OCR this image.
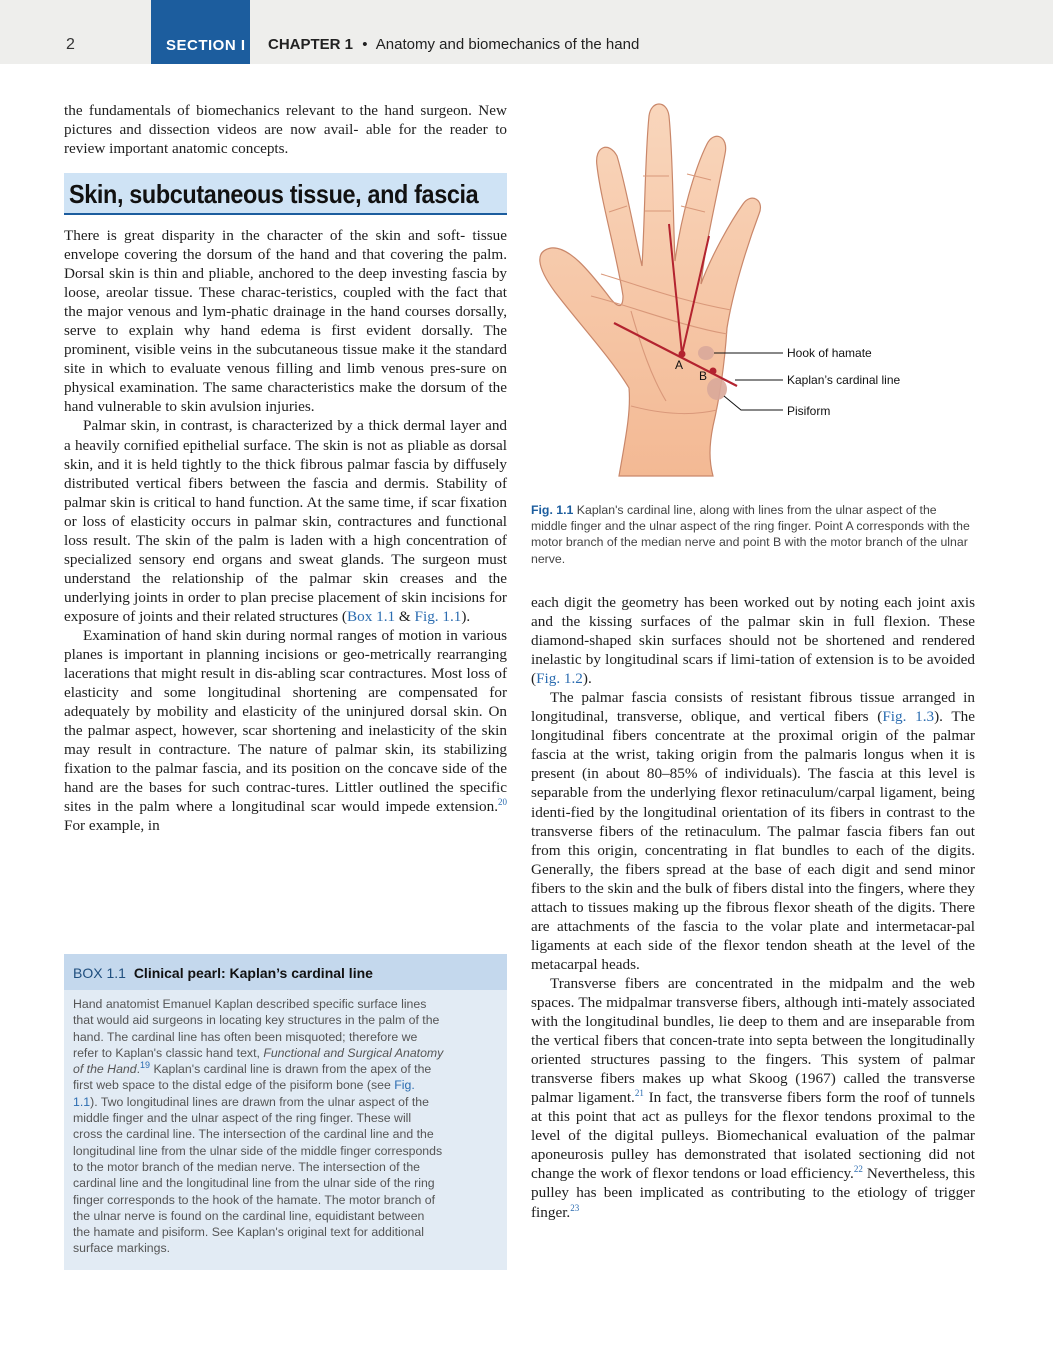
2	SECTION I CHAPTER 1 • Anatomy and biomechanics of the hand

the fundamentals of biomechanics relevant to the hand surgeon. New pictures and dissection videos are now avail- able for the reader to review important anatomic concepts.

Skin, subcutaneous tissue, and fascia

There is great disparity in the character of the skin and soft- tissue envelope covering the dorsum of the hand and that covering the palm. Dorsal skin is thin and pliable, anchored to the deep investing fascia by loose, areolar tissue. These charac-teristics, coupled with the fact that the major venous and lym-phatic drainage in the hand courses dorsally, serve to explain why hand edema is first evident dorsally. The prominent, visible veins in the subcutaneous tissue make it the standard site in which to evaluate venous filling and limb venous pres-sure on physical examination. The same characteristics make the dorsum of the hand vulnerable to skin avulsion injuries.

Palmar skin, in contrast, is characterized by a thick dermal layer and a heavily cornified epithelial surface. The skin is not as pliable as dorsal skin, and it is held tightly to the thick fibrous palmar fascia by diffusely distributed vertical fibers between the fascia and dermis. Stability of palmar skin is critical to hand function. At the same time, if scar fixation or loss of elasticity occurs in palmar skin, contractures and functional loss result. The skin of the palm is laden with a high concentration of specialized sensory end organs and sweat glands. The surgeon must understand the relationship of the palmar skin creases and the underlying joints in order to plan precise placement of skin incisions for exposure of joints and their related structures (Box 1.1 & Fig. 1.1).

Examination of hand skin during normal ranges of motion in various planes is important in planning incisions or geo-metrically rearranging lacerations that might result in dis-abling scar contractures. Most loss of elasticity and some longitudinal shortening are compensated for adequately by mobility and elasticity of the uninjured dorsal skin. On the palmar aspect, however, scar shortening and inelasticity of the skin may result in contracture. The nature of palmar skin, its stabilizing fixation to the palmar fascia, and its position on the concave side of the hand are the bases for such contrac-tures. Littler outlined the specific sites in the palm where a longitudinal scar would impede extension.$^{20}$ For example, in

BOX 1.1 Clinical pearl: Kaplan’s cardinal line
Hand anatomist Emanuel Kaplan described specific surface lines
that would aid surgeons in locating key structures in the palm of the
hand. The cardinal line has often been misquoted; therefore we
refer to Kaplan's classic hand text, Functional and Surgical Anatomy
of the Hand.$^{19}$ Kaplan's cardinal line is drawn from the apex of the
first web space to the distal edge of the pisiform bone (see Fig.
1.1). Two longitudinal lines are drawn from the ulnar aspect of the
middle finger and the ulnar aspect of the ring finger. These will
cross the cardinal line. The intersection of the cardinal line and the
longitudinal line from the ulnar side of the middle finger corresponds
to the motor branch of the median nerve. The intersection of the
cardinal line and the longitudinal line from the ulnar side of the ring
finger corresponds to the hook of the hamate. The motor branch of
the ulnar nerve is found on the cardinal line, equidistant between
the hamate and pisiform. See Kaplan's original text for additional
surface markings.
A
B
Hook of hamate
Kaplan’s cardinal line
Pisiform
Fig. 1.1 Kaplan's cardinal line, along with lines from the ulnar aspect of the
middle finger and the ulnar aspect of the ring finger. Point A corresponds with the
motor branch of the median nerve and point B with the motor branch of the ulnar
nerve.

each digit the geometry has been worked out by noting each joint axis and the kissing surfaces of the palmar skin in full flexion. These diamond-shaped skin surfaces should not be shortened and rendered inelastic by longitudinal scars if limi-tation of extension is to be avoided (Fig. 1.2).

The palmar fascia consists of resistant fibrous tissue arranged in longitudinal, transverse, oblique, and vertical fibers (Fig. 1.3). The longitudinal fibers concentrate at the proximal origin of the palmar fascia at the wrist, taking origin from the palmaris longus when it is present (in about 80–85% of individuals). The fascia at this level is separable from the underlying flexor retinaculum/carpal ligament, being identi-fied by the longitudinal orientation of its fibers in contrast to the transverse fibers of the retinaculum. The palmar fascia fibers fan out from this origin, concentrating in flat bundles to each of the digits. Generally, the fibers spread at the base of each digit and send minor fibers to the skin and the bulk of fibers distal into the fingers, where they attach to tissues making up the fibrous flexor sheath of the digits. There are attachments of the fascia to the volar plate and intermetacar-pal ligaments at each side of the flexor tendon sheath at the level of the metacarpal heads.

Transverse fibers are concentrated in the midpalm and the web spaces. The midpalmar transverse fibers, although inti-mately associated with the longitudinal bundles, lie deep to them and are inseparable from the vertical fibers that concen-trate into septa between the longitudinally oriented structures passing to the fingers. This system of palmar transverse fibers makes up what Skoog (1967) called the transverse palmar ligament.$^{21}$ In fact, the transverse fibers form the roof of tunnels at this point that act as pulleys for the flexor tendons proximal to the level of the digital pulleys. Biomechanical evaluation of the palmar aponeurosis pulley has demonstrated that isolated sectioning did not change the work of flexor tendons or load efficiency.$^{22}$ Nevertheless, this pulley has been implicated as contributing to the etiology of trigger finger.$^{23}$
